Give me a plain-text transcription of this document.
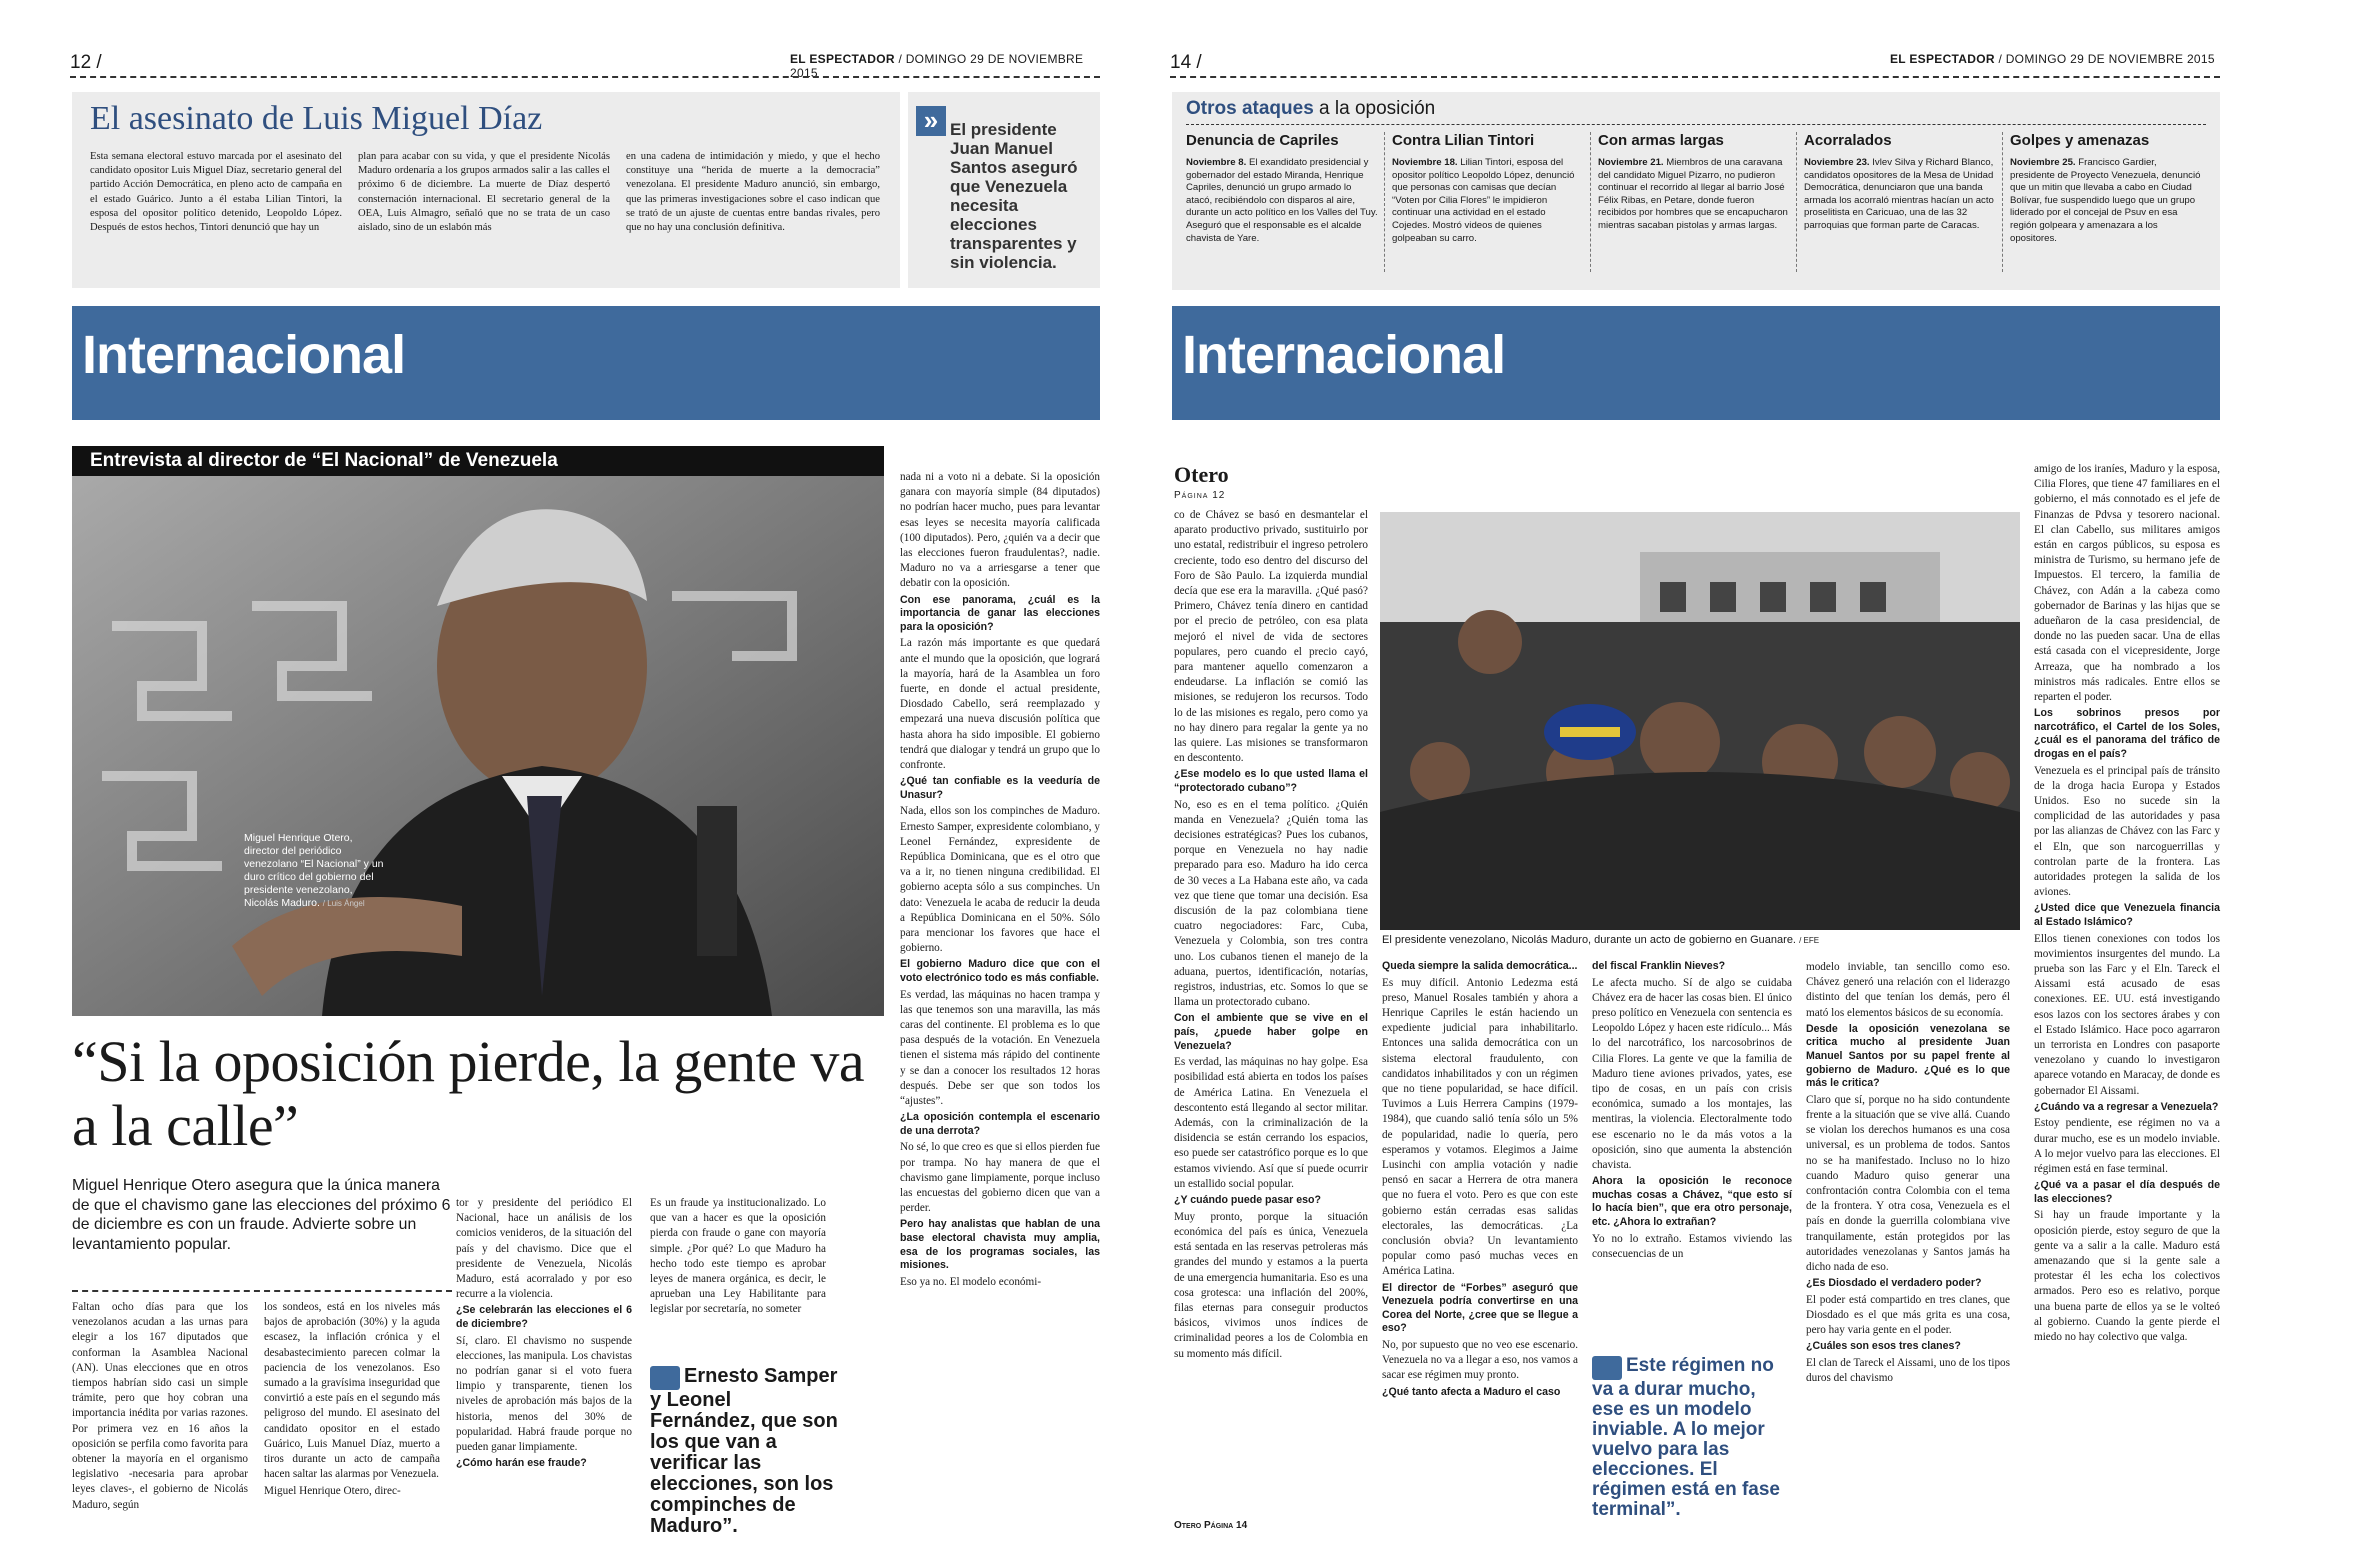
12 /	EL ESPECTADOR / DOMINGO 29 DE NOVIEMBRE 2015
El asesinato de Luis Miguel Díaz
Esta semana electoral estuvo marcada por el asesinato del candidato opositor Luis Miguel Díaz, secretario general del partido Acción Democrática, en pleno acto de campaña en el estado Guárico. Junto a él estaba Lilian Tintori, la esposa del opositor político detenido, Leopoldo López. Después de estos hechos, Tintori denunció que hay un
plan para acabar con su vida, y que el presidente Nicolás Maduro ordenaría a los grupos armados salir a las calles el próximo 6 de diciembre. La muerte de Díaz despertó consternación internacional. El secretario general de la OEA, Luis Almagro, señaló que no se trata de un caso aislado, sino de un eslabón más
en una cadena de intimidación y miedo, y que el hecho constituye una “herida de muerte a la democracia” venezolana. El presidente Maduro anunció, sin embargo, que las primeras investigaciones sobre el caso indican que se trató de un ajuste de cuentas entre bandas rivales, pero que no hay una conclusión definitiva.
» El presidente Juan Manuel Santos aseguró que Venezuela necesita elecciones transparentes y sin violencia.
Internacional
Entrevista al director de “El Nacional” de Venezuela
Miguel Henrique Otero, director del periódico venezolano “El Nacional” y un duro crítico del gobierno del presidente venezolano, Nicolás Maduro. / Luis Ángel
“Si la oposición pierde, la gente va a la calle”
Miguel Henrique Otero asegura que la única manera de que el chavismo gane las elecciones del próximo 6 de diciembre es con un fraude. Advierte sobre un levantamiento popular.

Faltan ocho días para que los venezolanos acudan a las urnas para elegir a los 167 diputados que conforman la Asamblea Nacional (AN). Unas elecciones que en otros tiempos habrían sido casi un simple trámite, pero que hoy cobran una importancia inédita por varias razones. Por primera vez en 16 años la oposición se perfila como favorita para obtener la mayoría en el organismo legislativo -necesaria para aprobar leyes claves-, el gobierno de Nicolás Maduro, según

los sondeos, está en los niveles más bajos de aprobación (30%) y la aguda escasez, la inflación crónica y el desabastecimiento parecen colmar la paciencia de los venezolanos. Eso sumado a la gravísima inseguridad que convirtió a este país en el segundo más peligroso del mundo. El asesinato del candidato opositor en el estado Guárico, Luis Manuel Díaz, muerto a tiros durante un acto de campaña hacen saltar las alarmas por Venezuela.

Miguel Henrique Otero, direc-

tor y presidente del periódico El Nacional, hace un análisis de los comicios venideros, de la situación del país y del chavismo. Dice que el presidente de Venezuela, Nicolás Maduro, está acorralado y por eso recurre a la violencia.

¿Se celebrarán las elecciones el 6 de diciembre?

Sí, claro. El chavismo no suspende elecciones, las manipula. Los chavistas no podrían ganar si el voto fuera limpio y transparente, tienen los niveles de aprobación más bajos de la historia, menos del 30% de popularidad. Habrá fraude porque no pueden ganar limpiamente.

¿Cómo harán ese fraude?

Es un fraude ya institucionalizado. Lo que van a hacer es que la oposición pierda con fraude o gane con mayoría simple. ¿Por qué? Lo que Maduro ha hecho todo este tiempo es aprobar leyes de manera orgánica, es decir, le aprueban una Ley Habilitante para legislar por secretaría, no someter

Ernesto Samper y Leonel Fernández, que son los que van a verificar las elecciones, son los compinches de Maduro”.

nada ni a voto ni a debate. Si la oposición ganara con mayoría simple (84 diputados) no podrían hacer mucho, pues para levantar esas leyes se necesita mayoría calificada (100 diputados). Pero, ¿quién va a decir que las elecciones fueron fraudulentas?, nadie. Maduro no va a arriesgarse a tener que debatir con la oposición.

Con ese panorama, ¿cuál es la importancia de ganar las elecciones para la oposición?

La razón más importante es que quedará ante el mundo que la oposición, que logrará la mayoría, hará de la Asamblea un foro fuerte, en donde el actual presidente, Diosdado Cabello, será reemplazado y empezará una nueva discusión política que hasta ahora ha sido imposible. El gobierno tendrá que dialogar y tendrá un grupo que lo confronte.

¿Qué tan confiable es la veeduría de Unasur?

Nada, ellos son los compinches de Maduro. Ernesto Samper, expresidente colombiano, y Leonel Fernández, expresidente de República Dominicana, que es el otro que va a ir, no tienen ninguna credibilidad. El gobierno acepta sólo a sus compinches. Un dato: Venezuela le acaba de reducir la deuda a República Dominicana en el 50%. Sólo para mencionar los favores que hace el gobierno.

El gobierno Maduro dice que con el voto electrónico todo es más confiable.

Es verdad, las máquinas no hacen trampa y las que tenemos son una maravilla, las más caras del continente. El problema es lo que pasa después de la votación. En Venezuela tienen el sistema más rápido del continente y se dan a conocer los resultados 12 horas después. Debe ser que son todos los “ajustes”.

¿La oposición contempla el escenario de una derrota?

No sé, lo que creo es que si ellos pierden fue por trampa. No hay manera de que el chavismo gane limpiamente, porque incluso las encuestas del gobierno dicen que van a perder.

Pero hay analistas que hablan de una base electoral chavista muy amplia, esa de los programas sociales, las misiones.

Eso ya no. El modelo económi-

14 /	EL ESPECTADOR / DOMINGO 29 DE NOVIEMBRE 2015
Otros ataques a la oposición
Denuncia de Capriles
Noviembre 8. El exandidato presidencial y gobernador del estado Miranda, Henrique Capriles, denunció un grupo armado lo atacó, recibiéndolo con disparos al aire, durante un acto político en los Valles del Tuy. Aseguró que el responsable es el alcalde chavista de Yare.
Contra Lilian Tintori
Noviembre 18. Lilian Tintori, esposa del opositor político Leopoldo López, denunció que personas con camisas que decían “Voten por Cilia Flores” le impidieron continuar una actividad en el estado Cojedes. Mostró videos de quienes golpeaban su carro.
Con armas largas
Noviembre 21. Miembros de una caravana del candidato Miguel Pizarro, no pudieron continuar el recorrido al llegar al barrio José Félix Ribas, en Petare, donde fueron recibidos por hombres que se encapucharon mientras sacaban pistolas y armas largas.
Acorralados
Noviembre 23. Ivlev Silva y Richard Blanco, candidatos opositores de la Mesa de Unidad Democrática, denunciaron que una banda armada los acorraló mientras hacían un acto proselitista en Caricuao, una de las 32 parroquias que forman parte de Caracas.
Golpes y amenazas
Noviembre 25. Francisco Gardier, presidente de Proyecto Venezuela, denunció que un mitin que llevaba a cabo en Ciudad Bolívar, fue suspendido luego que un grupo liderado por el concejal de Psuv en esa región golpeara y amenazara a los opositores.
Internacional
Otero
Página 12

co de Chávez se basó en desmantelar el aparato productivo privado, sustituirlo por uno estatal, redistribuir el ingreso petrolero creciente, todo eso dentro del discurso del Foro de São Paulo. La izquierda mundial decía que ese era la maravilla. ¿Qué pasó? Primero, Chávez tenía dinero en cantidad por el precio de petróleo, con esa plata mejoró el nivel de vida de sectores populares, pero cuando el precio cayó, para mantener aquello comenzaron a endeudarse. La inflación se comió las misiones, se redujeron los recursos. Todo lo de las misiones es regalo, pero como ya no hay dinero para regalar la gente ya no las quiere. Las misiones se transformaron en descontento.

¿Ese modelo es lo que usted llama el “protectorado cubano”?

No, eso es en el tema político. ¿Quién manda en Venezuela? ¿Quién toma las decisiones estratégicas? Pues los cubanos, porque en Venezuela no hay nadie preparado para eso. Maduro ha ido cerca de 30 veces a La Habana este año, va cada vez que tiene que tomar una decisión. Esa discusión de la paz colombiana tiene cuatro negociadores: Farc, Cuba, Venezuela y Colombia, son tres contra uno. Los cubanos tienen el manejo de la aduana, puertos, identificación, notarías, registros, industrias, etc. Somos lo que se llama un protectorado cubano.

Con el ambiente que se vive en el país, ¿puede haber golpe en Venezuela?

Es verdad, las máquinas no hay golpe. Esa posibilidad está abierta en todos los países de América Latina. En Venezuela el descontento está llegando al sector militar. Además, con la criminalización de la disidencia se están cerrando los espacios, eso puede ser catastrófico porque es lo que estamos viviendo. Así que sí puede ocurrir un estallido social popular.

¿Y cuándo puede pasar eso?

Muy pronto, porque la situación económica del país es única, Venezuela está sentada en las reservas petroleras más grandes del mundo y estamos a la puerta de una emergencia humanitaria. Eso es una cosa grotesca: una inflación del 200%, filas eternas para conseguir productos básicos, vivimos unos índices de criminalidad peores a los de Colombia en su momento más difícil.

El presidente venezolano, Nicolás Maduro, durante un acto de gobierno en Guanare. / EFE

amigo de los iraníes, Maduro y la esposa, Cilia Flores, que tiene 47 familiares en el gobierno, el más connotado es el jefe de Finanzas de Pdvsa y tesorero nacional. El clan Cabello, sus militares amigos están en cargos públicos, su esposa es ministra de Turismo, su hermano jefe de Impuestos. El tercero, la familia de Chávez, con Adán a la cabeza como gobernador de Barinas y las hijas que se adueñaron de la casa presidencial, de donde no las pueden sacar. Una de ellas está casada con el vicepresidente, Jorge Arreaza, que ha nombrado a los ministros más radicales. Entre ellos se reparten el poder.

Los sobrinos presos por narcotráfico, el Cartel de los Soles, ¿cuál es el panorama del tráfico de drogas en el país?

Venezuela es el principal país de tránsito de la droga hacia Europa y Estados Unidos. Eso no sucede sin la complicidad de las autoridades y pasa por las alianzas de Chávez con las Farc y el Eln, que son narcoguerrillas y controlan parte de la frontera. Las autoridades protegen la salida de los aviones.

¿Usted dice que Venezuela financia al Estado Islámico?

Ellos tienen conexiones con todos los movimientos insurgentes del mundo. La prueba son las Farc y el Eln. Tareck el Aissami está acusado de esas conexiones. EE. UU. está investigando esos lazos con los sectores árabes y con el Estado Islámico. Hace poco agarraron un terrorista en Londres con pasaporte venezolano y cuando lo investigaron aparece votando en Maracay, de donde es gobernador El Aissami.

¿Cuándo va a regresar a Venezuela?

Estoy pendiente, ese régimen no va a durar mucho, ese es un modelo inviable. A lo mejor vuelvo para las elecciones. El régimen está en fase terminal.

¿Qué va a pasar el día después de las elecciones?

Si hay un fraude importante y la oposición pierde, estoy seguro de que la gente va a salir a la calle. Maduro está amenazando que si la gente sale a protestar él les echa los colectivos armados. Pero eso es relativo, porque una buena parte de ellos ya se le volteó al gobierno. Cuando la gente pierde el miedo no hay colectivo que valga.

Queda siempre la salida democrática...

Es muy difícil. Antonio Ledezma está preso, Manuel Rosales también y ahora a Henrique Capriles le están haciendo un expediente judicial para inhabilitarlo. Entonces una salida democrática con un sistema electoral fraudulento, con candidatos inhabilitados y con un régimen que no tiene popularidad, se hace difícil. Tuvimos a Luis Herrera Campins (1979-1984), que cuando salió tenía sólo un 5% de popularidad, nadie lo quería, pero esperamos y votamos. Elegimos a Jaime Lusinchi con amplia votación y nadie pensó en sacar a Herrera de otra manera que no fuera el voto. Pero es que con este gobierno están cerradas esas salidas electorales, las democráticas. ¿La conclusión obvia? Un levantamiento popular como pasó muchas veces en América Latina.

El director de “Forbes” aseguró que Venezuela podría convertirse en una Corea del Norte, ¿cree que se llegue a eso?

No, por supuesto que no veo ese escenario. Venezuela no va a llegar a eso, nos vamos a sacar ese régimen muy pronto.

¿Qué tanto afecta a Maduro el caso

del fiscal Franklin Nieves?

Le afecta mucho. Sí de algo se cuidaba Chávez era de hacer las cosas bien. El único preso político en Venezuela con sentencia es Leopoldo López y hacen este ridículo... Más lo del narcotráfico, los narcosobrinos de Cilia Flores. La gente ve que la familia de Maduro tiene aviones privados, yates, ese tipo de cosas, en un país con crisis económica, sumado a los montajes, las mentiras, la violencia. Electoralmente todo ese escenario no le da más votos a la oposición, sino que aumenta la abstención chavista.

Ahora la oposición le reconoce muchas cosas a Chávez, “que esto sí lo hacía bien”, que era otro personaje, etc. ¿Ahora lo extrañan?

Yo no lo extraño. Estamos viviendo las consecuencias de un

modelo inviable, tan sencillo como eso. Chávez generó una relación con el liderazgo distinto del que tenían los demás, pero él mató los elementos básicos de su economía.

Desde la oposición venezolana se critica mucho al presidente Juan Manuel Santos por su papel frente al gobierno de Maduro. ¿Qué es lo que más le critica?

Claro que sí, porque no ha sido contundente frente a la situación que se vive allá. Cuando se violan los derechos humanos es una cosa universal, es un problema de todos. Santos no se ha manifestado. Incluso no lo hizo cuando Maduro quiso generar una confrontación contra Colombia con el tema de la frontera. Y otra cosa, Venezuela es el país en donde la guerrilla colombiana vive tranquilamente, están protegidos por las autoridades venezolanas y Santos jamás ha dicho nada de eso.

¿Es Diosdado el verdadero poder?

El poder está compartido en tres clanes, que Diosdado es el que más grita es una cosa, pero hay varia gente en el poder.

¿Cuáles son esos tres clanes?

El clan de Tareck el Aissami, uno de los tipos duros del chavismo

Otero Página 14
Este régimen no va a durar mucho, ese es un modelo inviable. A lo mejor vuelvo para las elecciones. El régimen está en fase terminal”.
